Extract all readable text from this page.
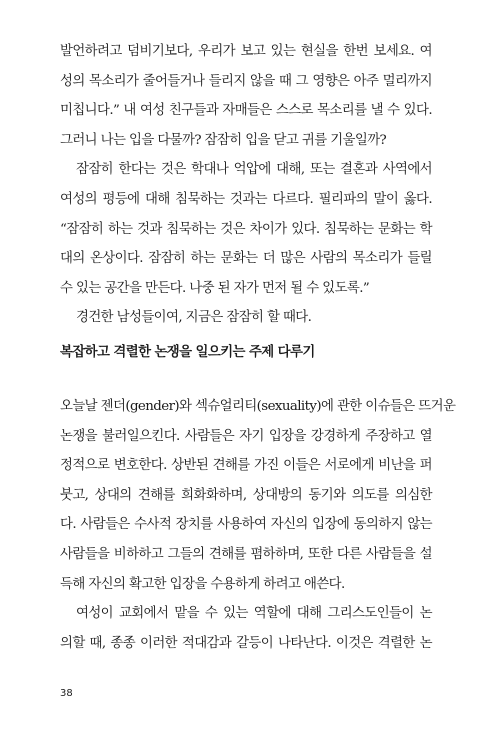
발언하려고 덤비기보다, 우리가 보고 있는 현실을 한번 보세요. 여
성의 목소리가 줄어들거나 들리지 않을 때 그 영향은 아주 멀리까지
미칩니다.” 내 여성 친구들과 자매들은 스스로 목소리를 낼 수 있다.
그러니 나는 입을 다물까? 잠잠히 입을 닫고 귀를 기울일까?
잠잠히 한다는 것은 학대나 억압에 대해, 또는 결혼과 사역에서
여성의 평등에 대해 침묵하는 것과는 다르다. 필리파의 말이 옳다.
“잠잠히 하는 것과 침묵하는 것은 차이가 있다. 침묵하는 문화는 학
대의 온상이다. 잠잠히 하는 문화는 더 많은 사람의 목소리가 들릴
수 있는 공간을 만든다. 나중 된 자가 먼저 될 수 있도록.”
경건한 남성들이여, 지금은 잠잠히 할 때다.
복잡하고 격렬한 논쟁을 일으키는 주제 다루기
오늘날 젠더(gender)와 섹슈얼리티(sexuality)에 관한 이슈들은 뜨거운
논쟁을 불러일으킨다. 사람들은 자기 입장을 강경하게 주장하고 열
정적으로 변호한다. 상반된 견해를 가진 이들은 서로에게 비난을 퍼
붓고, 상대의 견해를 희화화하며, 상대방의 동기와 의도를 의심한
다. 사람들은 수사적 장치를 사용하여 자신의 입장에 동의하지 않는
사람들을 비하하고 그들의 견해를 폄하하며, 또한 다른 사람들을 설
득해 자신의 확고한 입장을 수용하게 하려고 애쓴다.
여성이 교회에서 맡을 수 있는 역할에 대해 그리스도인들이 논
의할 때, 종종 이러한 적대감과 갈등이 나타난다. 이것은 격렬한 논
38
